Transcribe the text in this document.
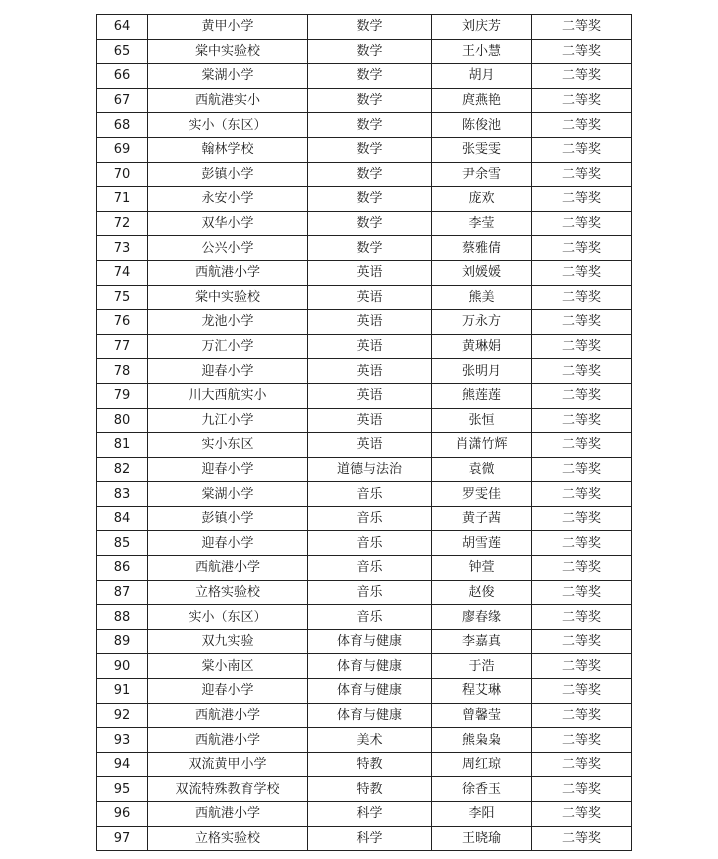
64	黄甲小学	数学	刘庆芳	二等奖
65	棠中实验校	数学	王小慧	二等奖
66	棠湖小学	数学	胡月	二等奖
67	西航港实小	数学	庹燕艳	二等奖
68	实小（东区）	数学	陈俊池	二等奖
69	翰林学校	数学	张雯雯	二等奖
70	彭镇小学	数学	尹余雪	二等奖
71	永安小学	数学	庞欢	二等奖
72	双华小学	数学	李莹	二等奖
73	公兴小学	数学	蔡雅倩	二等奖
74	西航港小学	英语	刘媛媛	二等奖
75	棠中实验校	英语	熊美	二等奖
76	龙池小学	英语	万永方	二等奖
77	万汇小学	英语	黄琳娟	二等奖
78	迎春小学	英语	张明月	二等奖
79	川大西航实小	英语	熊莲莲	二等奖
80	九江小学	英语	张恒	二等奖
81	实小东区	英语	肖潇竹辉	二等奖
82	迎春小学	道德与法治	袁微	二等奖
83	棠湖小学	音乐	罗雯佳	二等奖
84	彭镇小学	音乐	黄子茜	二等奖
85	迎春小学	音乐	胡雪莲	二等奖
86	西航港小学	音乐	钟萱	二等奖
87	立格实验校	音乐	赵俊	二等奖
88	实小（东区）	音乐	廖春缘	二等奖
89	双九实验	体育与健康	李嘉真	二等奖
90	棠小南区	体育与健康	于浩	二等奖
91	迎春小学	体育与健康	程艾琳	二等奖
92	西航港小学	体育与健康	曾馨莹	二等奖
93	西航港小学	美术	熊枭枭	二等奖
94	双流黄甲小学	特教	周红琼	二等奖
95	双流特殊教育学校	特教	徐香玉	二等奖
96	西航港小学	科学	李阳	二等奖
97	立格实验校	科学	王晓瑜	二等奖
